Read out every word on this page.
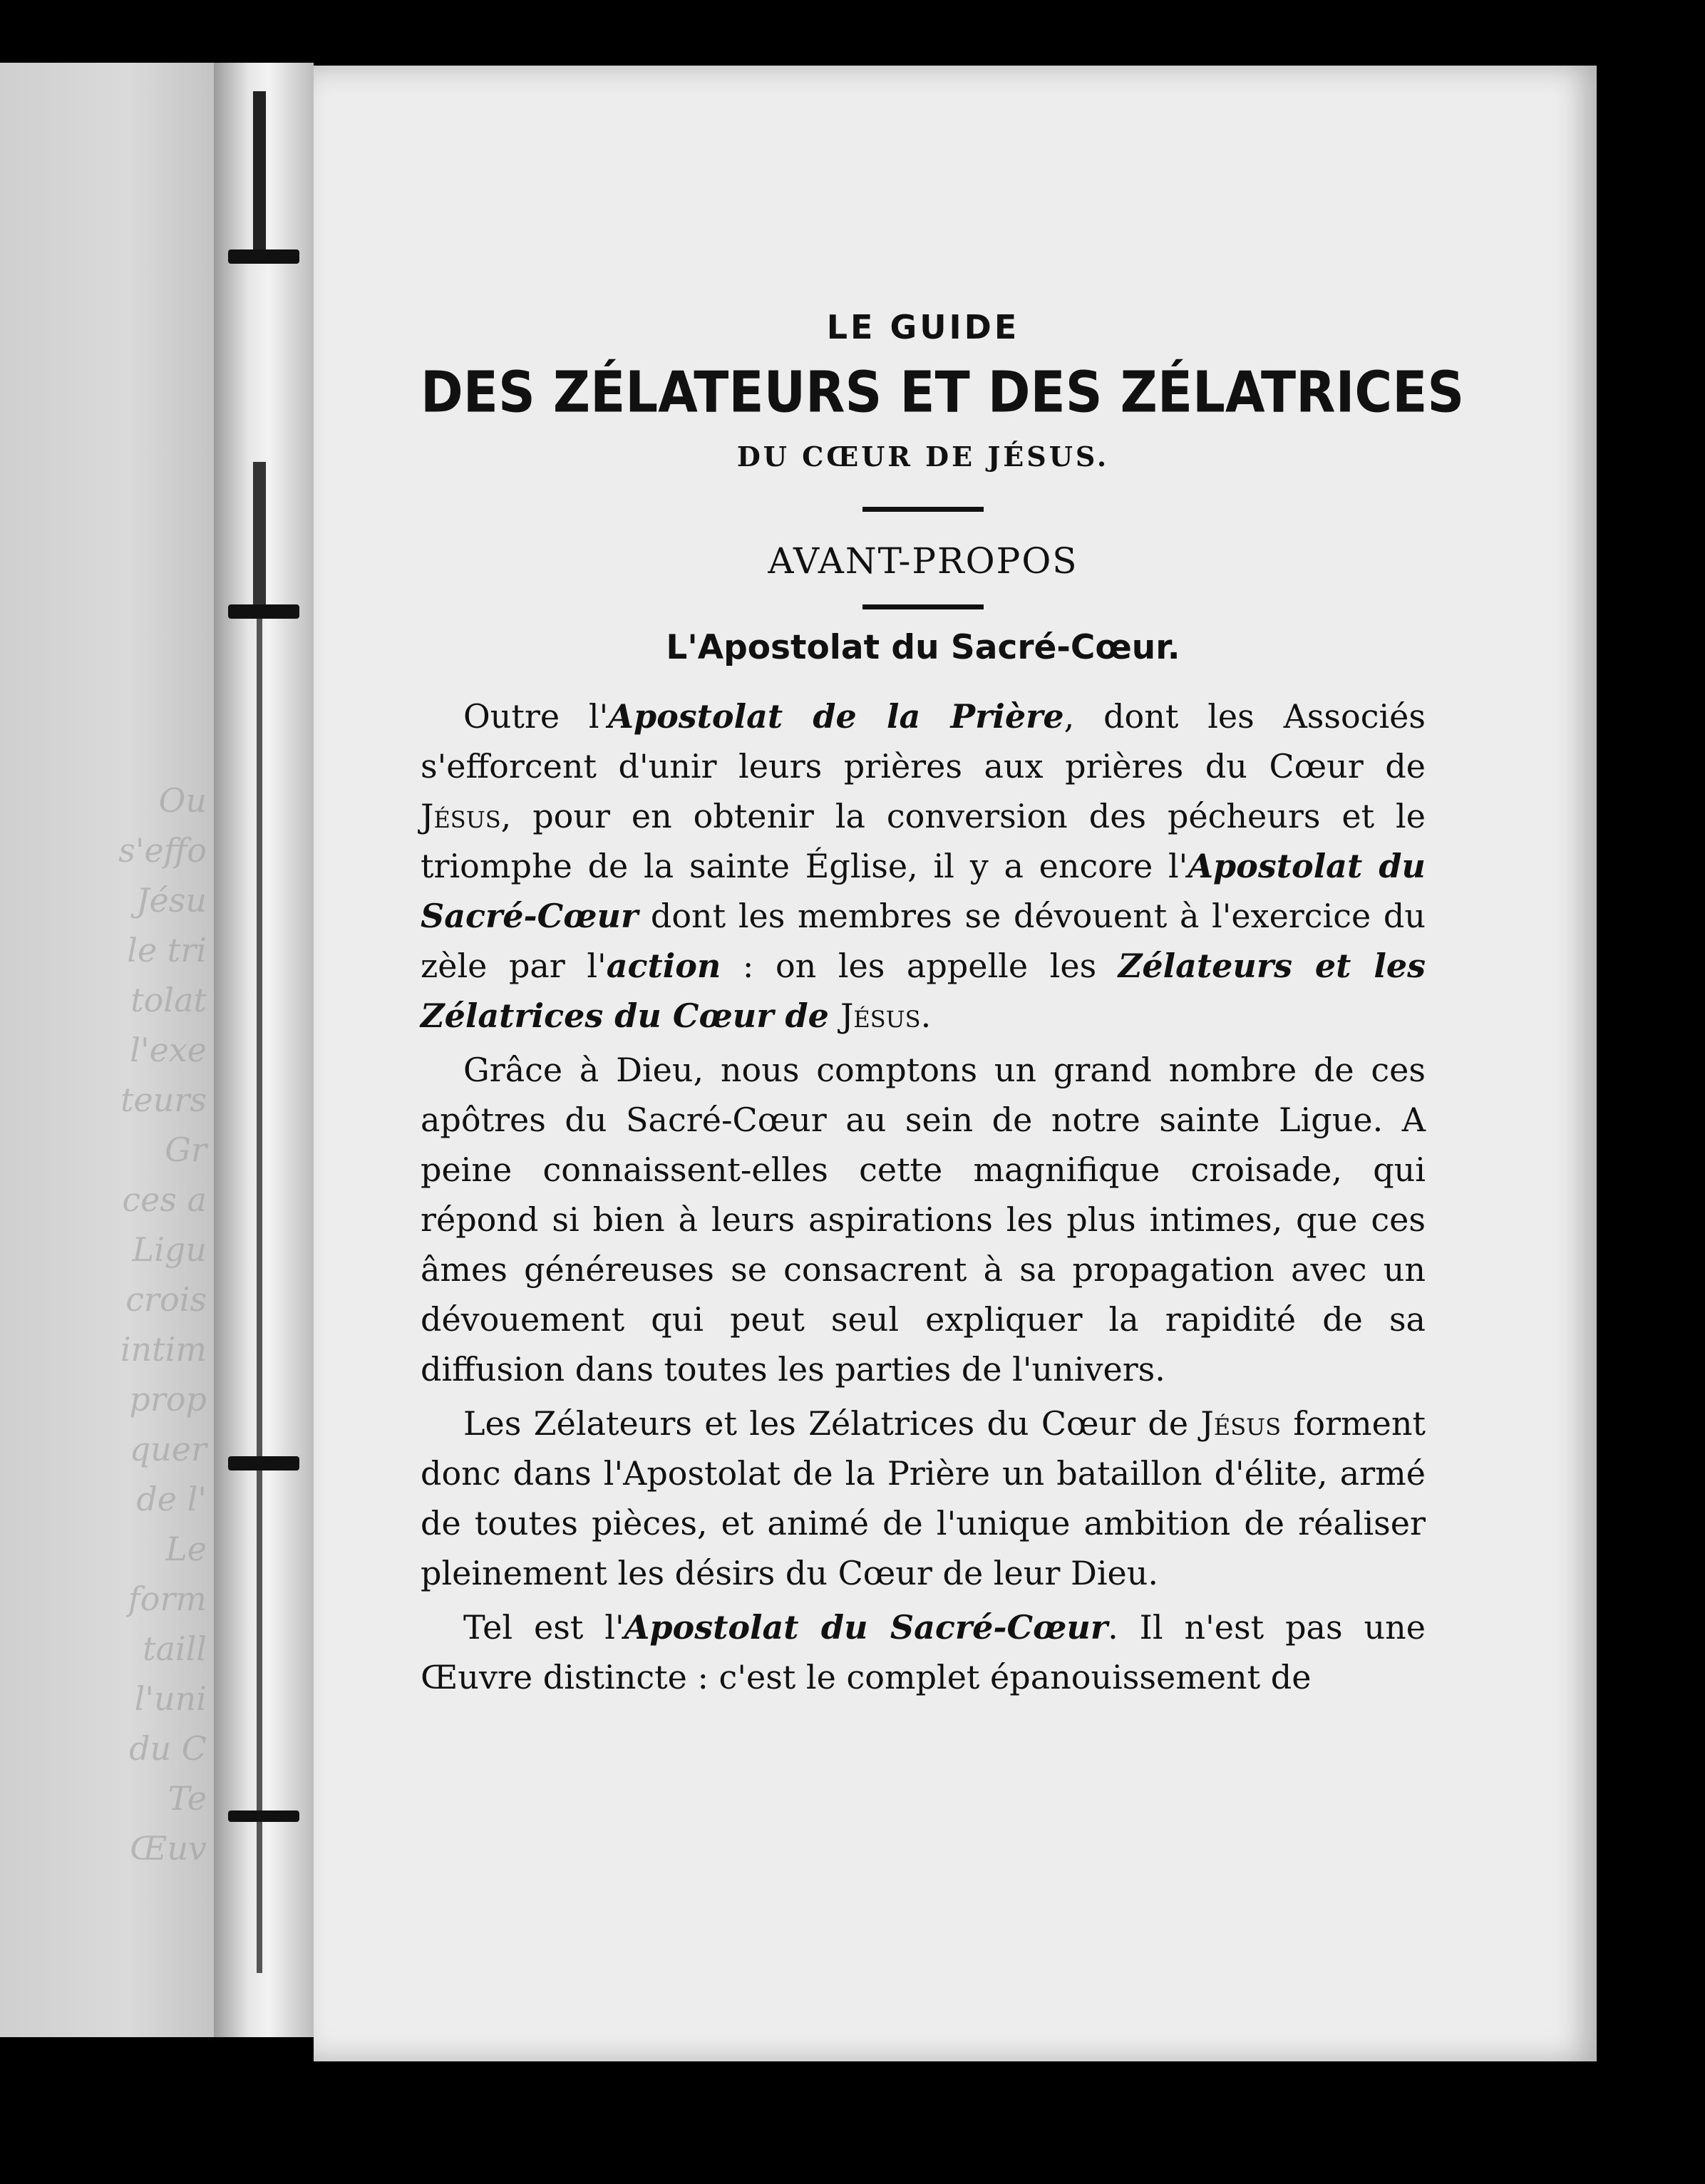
Ou
s'effo
Jésu
le tri
tolat
l'exe
teurs
Gr
ces a
Ligu
crois
intim
prop
quer
de l'
Le
form
taill
l'uni
du C
Te
Œuv
LE GUIDE
DES ZÉLATEURS ET DES ZÉLATRICES
DU CŒUR DE JÉSUS.
AVANT-PROPOS
L'Apostolat du Sacré-Cœur.

Outre l'Apostolat de la Prière, dont les Associés s'efforcent d'unir leurs prières aux prières du Cœur de Jésus, pour en obtenir la conversion des pécheurs et le triomphe de la sainte Église, il y a encore l'Apostolat du Sacré-Cœur dont les membres se dévouent à l'exercice du zèle par l'action : on les appelle les Zélateurs et les Zélatrices du Cœur de Jésus.

Grâce à Dieu, nous comptons un grand nombre de ces apôtres du Sacré-Cœur au sein de notre sainte Ligue. A peine connaissent-elles cette magnifique croisade, qui répond si bien à leurs aspirations les plus intimes, que ces âmes généreuses se consacrent à sa propagation avec un dévouement qui peut seul expliquer la rapidité de sa diffusion dans toutes les parties de l'univers.

Les Zélateurs et les Zélatrices du Cœur de Jésus forment donc dans l'Apostolat de la Prière un bataillon d'élite, armé de toutes pièces, et animé de l'unique ambition de réaliser pleinement les désirs du Cœur de leur Dieu.

Tel est l'Apostolat du Sacré-Cœur. Il n'est pas une Œuvre distincte : c'est le complet épanouissement de
